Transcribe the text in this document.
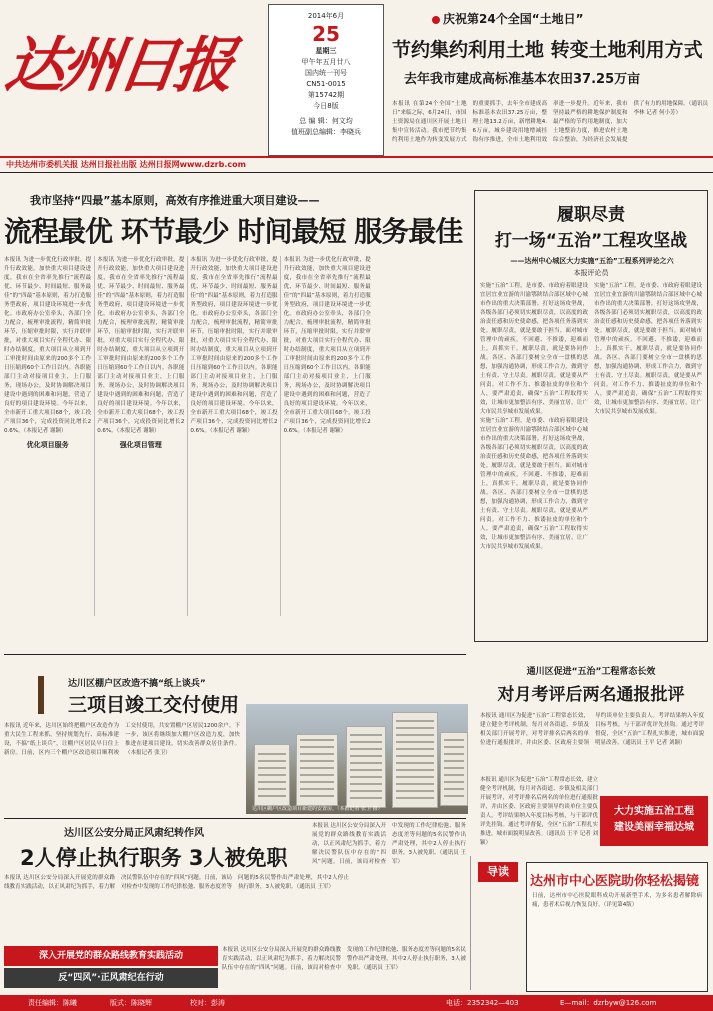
达州日报
2014年6月
25
星期三
甲午年五月廿八
国内统一刊号
CN51-0015
第15742期
今日8版
总 编 辑：何文均
值班副总编辑：李晓兵
庆祝第24个全国“土地日”
节约集约利用土地 转变土地利用方式
去年我市建成高标准基本农田37.25万亩
本报讯 在第24个全国“土地日”来临之际，6月24日，市国土资源局在通川区开展土地日集中宣传活动。我市把节约集约利用土地作为转变发展方式的重要抓手，去年全市建成高标准基本农田37.25万亩，整理土地13.2万亩，新增耕地4.6万亩，城乡建设用地增减挂钩有序推进，全市土地利用效率进一步提升。近年来，我市坚持最严格的耕地保护制度和最严格的节约用地制度，加大土地整治力度，推进农村土地综合整治，为经济社会发展提供了有力的用地保障。（通讯员 李林 记者 何小芳）
中共达州市委机关报 达州日报社出版 达州日报网www.dzrb.com
我市坚持“四最”基本原则，高效有序推进重大项目建设——
流程最优 环节最少 时间最短 服务最佳
本报讯 为进一步优化行政审批，提升行政效能，加快重大项目建设进度，我市在全省率先推行“流程最优、环节最少、时间最短、服务最佳”的“四最”基本原则，着力打造服务型政府，项目建设环境进一步优化。市政府办公室牵头，各部门全力配合，梳理审批流程，精简审批环节，压缩审批时限，实行并联审批，对重大项目实行全程代办、限时办结制度，重大项目从立项到开工审批时间由原来的200多个工作日压缩到60个工作日以内。各职能部门主动对接项目业主，上门服务，现场办公，及时协调解决项目建设中遇到的困难和问题，营造了良好的项目建设环境。今年以来，全市新开工重大项目68个，竣工投产项目36个，完成投资同比增长20.6%。（本报记者 谢颖）
优化项目服务
本报讯 为进一步优化行政审批，提升行政效能，加快重大项目建设进度，我市在全省率先推行“流程最优、环节最少、时间最短、服务最佳”的“四最”基本原则，着力打造服务型政府，项目建设环境进一步优化。市政府办公室牵头，各部门全力配合，梳理审批流程，精简审批环节，压缩审批时限，实行并联审批，对重大项目实行全程代办、限时办结制度，重大项目从立项到开工审批时间由原来的200多个工作日压缩到60个工作日以内。各职能部门主动对接项目业主，上门服务，现场办公，及时协调解决项目建设中遇到的困难和问题，营造了良好的项目建设环境。今年以来，全市新开工重大项目68个，竣工投产项目36个，完成投资同比增长20.6%。（本报记者 谢颖）
强化项目管理
本报讯 为进一步优化行政审批，提升行政效能，加快重大项目建设进度，我市在全省率先推行“流程最优、环节最少、时间最短、服务最佳”的“四最”基本原则，着力打造服务型政府，项目建设环境进一步优化。市政府办公室牵头，各部门全力配合，梳理审批流程，精简审批环节，压缩审批时限，实行并联审批，对重大项目实行全程代办、限时办结制度，重大项目从立项到开工审批时间由原来的200多个工作日压缩到60个工作日以内。各职能部门主动对接项目业主，上门服务，现场办公，及时协调解决项目建设中遇到的困难和问题，营造了良好的项目建设环境。今年以来，全市新开工重大项目68个，竣工投产项目36个，完成投资同比增长20.6%。（本报记者 谢颖）
本报讯 为进一步优化行政审批，提升行政效能，加快重大项目建设进度，我市在全省率先推行“流程最优、环节最少、时间最短、服务最佳”的“四最”基本原则，着力打造服务型政府，项目建设环境进一步优化。市政府办公室牵头，各部门全力配合，梳理审批流程，精简审批环节，压缩审批时限，实行并联审批，对重大项目实行全程代办、限时办结制度，重大项目从立项到开工审批时间由原来的200多个工作日压缩到60个工作日以内。各职能部门主动对接项目业主，上门服务，现场办公，及时协调解决项目建设中遇到的困难和问题，营造了良好的项目建设环境。今年以来，全市新开工重大项目68个，竣工投产项目36个，完成投资同比增长20.6%。（本报记者 谢颖）
履职尽责
打一场“五治”工程攻坚战
——达州中心城区大力实施“五治”工程系列评论之六
本报评论员
实施“五治”工程，是市委、市政府着眼建设宜居宜业宜游的川渝鄂陕结合部区域中心城市作出的重大决策部署。打好这场攻坚战，各级各部门必须切实履职尽责，以高度的政治责任感和历史使命感，把各项任务落到实处。履职尽责，就是要敢于担当。面对城市管理中的顽疾，不回避、不推诿，迎难而上，真抓实干。履职尽责，就是要协同作战。各区、各部门要树立全市一盘棋的思想，加强沟通协调，形成工作合力，做到守土有责、守土尽责。履职尽责，就是要从严问责。对工作不力、推诿扯皮的单位和个人，要严肃追责，确保“五治”工程取得实效，让城市更加整洁有序、美丽宜居，让广大市民共享城市发展成果。
实施“五治”工程，是市委、市政府着眼建设宜居宜业宜游的川渝鄂陕结合部区域中心城市作出的重大决策部署。打好这场攻坚战，各级各部门必须切实履职尽责，以高度的政治责任感和历史使命感，把各项任务落到实处。履职尽责，就是要敢于担当。面对城市管理中的顽疾，不回避、不推诿，迎难而上，真抓实干。履职尽责，就是要协同作战。各区、各部门要树立全市一盘棋的思想，加强沟通协调，形成工作合力，做到守土有责、守土尽责。履职尽责，就是要从严问责。对工作不力、推诿扯皮的单位和个人，要严肃追责，确保“五治”工程取得实效，让城市更加整洁有序、美丽宜居，让广大市民共享城市发展成果。
实施“五治”工程，是市委、市政府着眼建设宜居宜业宜游的川渝鄂陕结合部区域中心城市作出的重大决策部署。打好这场攻坚战，各级各部门必须切实履职尽责，以高度的政治责任感和历史使命感，把各项任务落到实处。履职尽责，就是要敢于担当。面对城市管理中的顽疾，不回避、不推诿，迎难而上，真抓实干。履职尽责，就是要协同作战。各区、各部门要树立全市一盘棋的思想，加强沟通协调，形成工作合力，做到守土有责、守土尽责。履职尽责，就是要从严问责。对工作不力、推诿扯皮的单位和个人，要严肃追责，确保“五治”工程取得实效，让城市更加整洁有序、美丽宜居，让广大市民共享城市发展成果。
通川区促进“五治”工程常态长效
对月考评后两名通报批评
本报讯 通川区为促进“五治”工程常态长效，建立健全考评机制，每月对各街道、乡镇及相关部门开展考评，对考评排名后两名的单位进行通报批评，并由区委、区政府主要领导约谈单位主要负责人。考评结果纳入年度目标考核，与干部评优评先挂钩。通过考评督促，全区“五治”工程扎实推进，城市面貌明显改善。（通讯员 王平 记者 刘颖）
本报讯 通川区为促进“五治”工程常态长效，建立健全考评机制，每月对各街道、乡镇及相关部门开展考评，对考评排名后两名的单位进行通报批评，并由区委、区政府主要领导约谈单位主要负责人。考评结果纳入年度目标考核，与干部评优评先挂钩。通过考评督促，全区“五治”工程扎实推进，城市面貌明显改善。（通讯员 王平 记者 刘颖）
大力实施五治工程
建设美丽幸福达城
达川区棚户区改造不搞“纸上谈兵”
三项目竣工交付使用
本报讯 近年来，达川区始终把棚户区改造作为重大民生工程来抓，坚持规划先行、高标准建设，不搞“纸上谈兵”，让棚户区居民早日住上新房。日前，区内三个棚户区改造项目顺利竣工交付使用，共安置棚户区居民1200余户。下一步，该区将继续加大棚户区改造力度，加快推进在建项目建设，切实改善群众居住条件。（本报记者 张卫）
达川区棚户区改造项目新建的安置房。（本报记者 张卫 摄）
达川区公安分局正风肃纪转作风
2人停止执行职务 3人被免职
本报讯 达川区公安分局深入开展党的群众路线教育实践活动，以正风肃纪为抓手，着力解决民警队伍中存在的“四风”问题。日前，该局对检查中发现的工作纪律松弛、服务态度差等问题的5名民警作出严肃处理，其中2人停止执行职务，3人被免职。（通讯员 王军）
本报讯 达川区公安分局深入开展党的群众路线教育实践活动，以正风肃纪为抓手，着力解决民警队伍中存在的“四风”问题。日前，该局对检查中发现的工作纪律松弛、服务态度差等问题的5名民警作出严肃处理，其中2人停止执行职务，3人被免职。（通讯员 王军）
深入开展党的群众路线教育实践活动
反“四风”·正风肃纪在行动
本报讯 达川区公安分局深入开展党的群众路线教育实践活动，以正风肃纪为抓手，着力解决民警队伍中存在的“四风”问题。日前，该局对检查中发现的工作纪律松弛、服务态度差等问题的5名民警作出严肃处理，其中2人停止执行职务，3人被免职。（通讯员 王军）
导读
达州市中心医院助你轻松揭镜
日前，达州市中心医院眼科成功开展新型手术，为多名患者解除病痛，患者术后视力恢复良好。（详见第4版）
责任编辑：陈曦	版式：陈晓辉	校对：彭涛	电话：2352342—403	E—mail：dzrbyw@126.com
